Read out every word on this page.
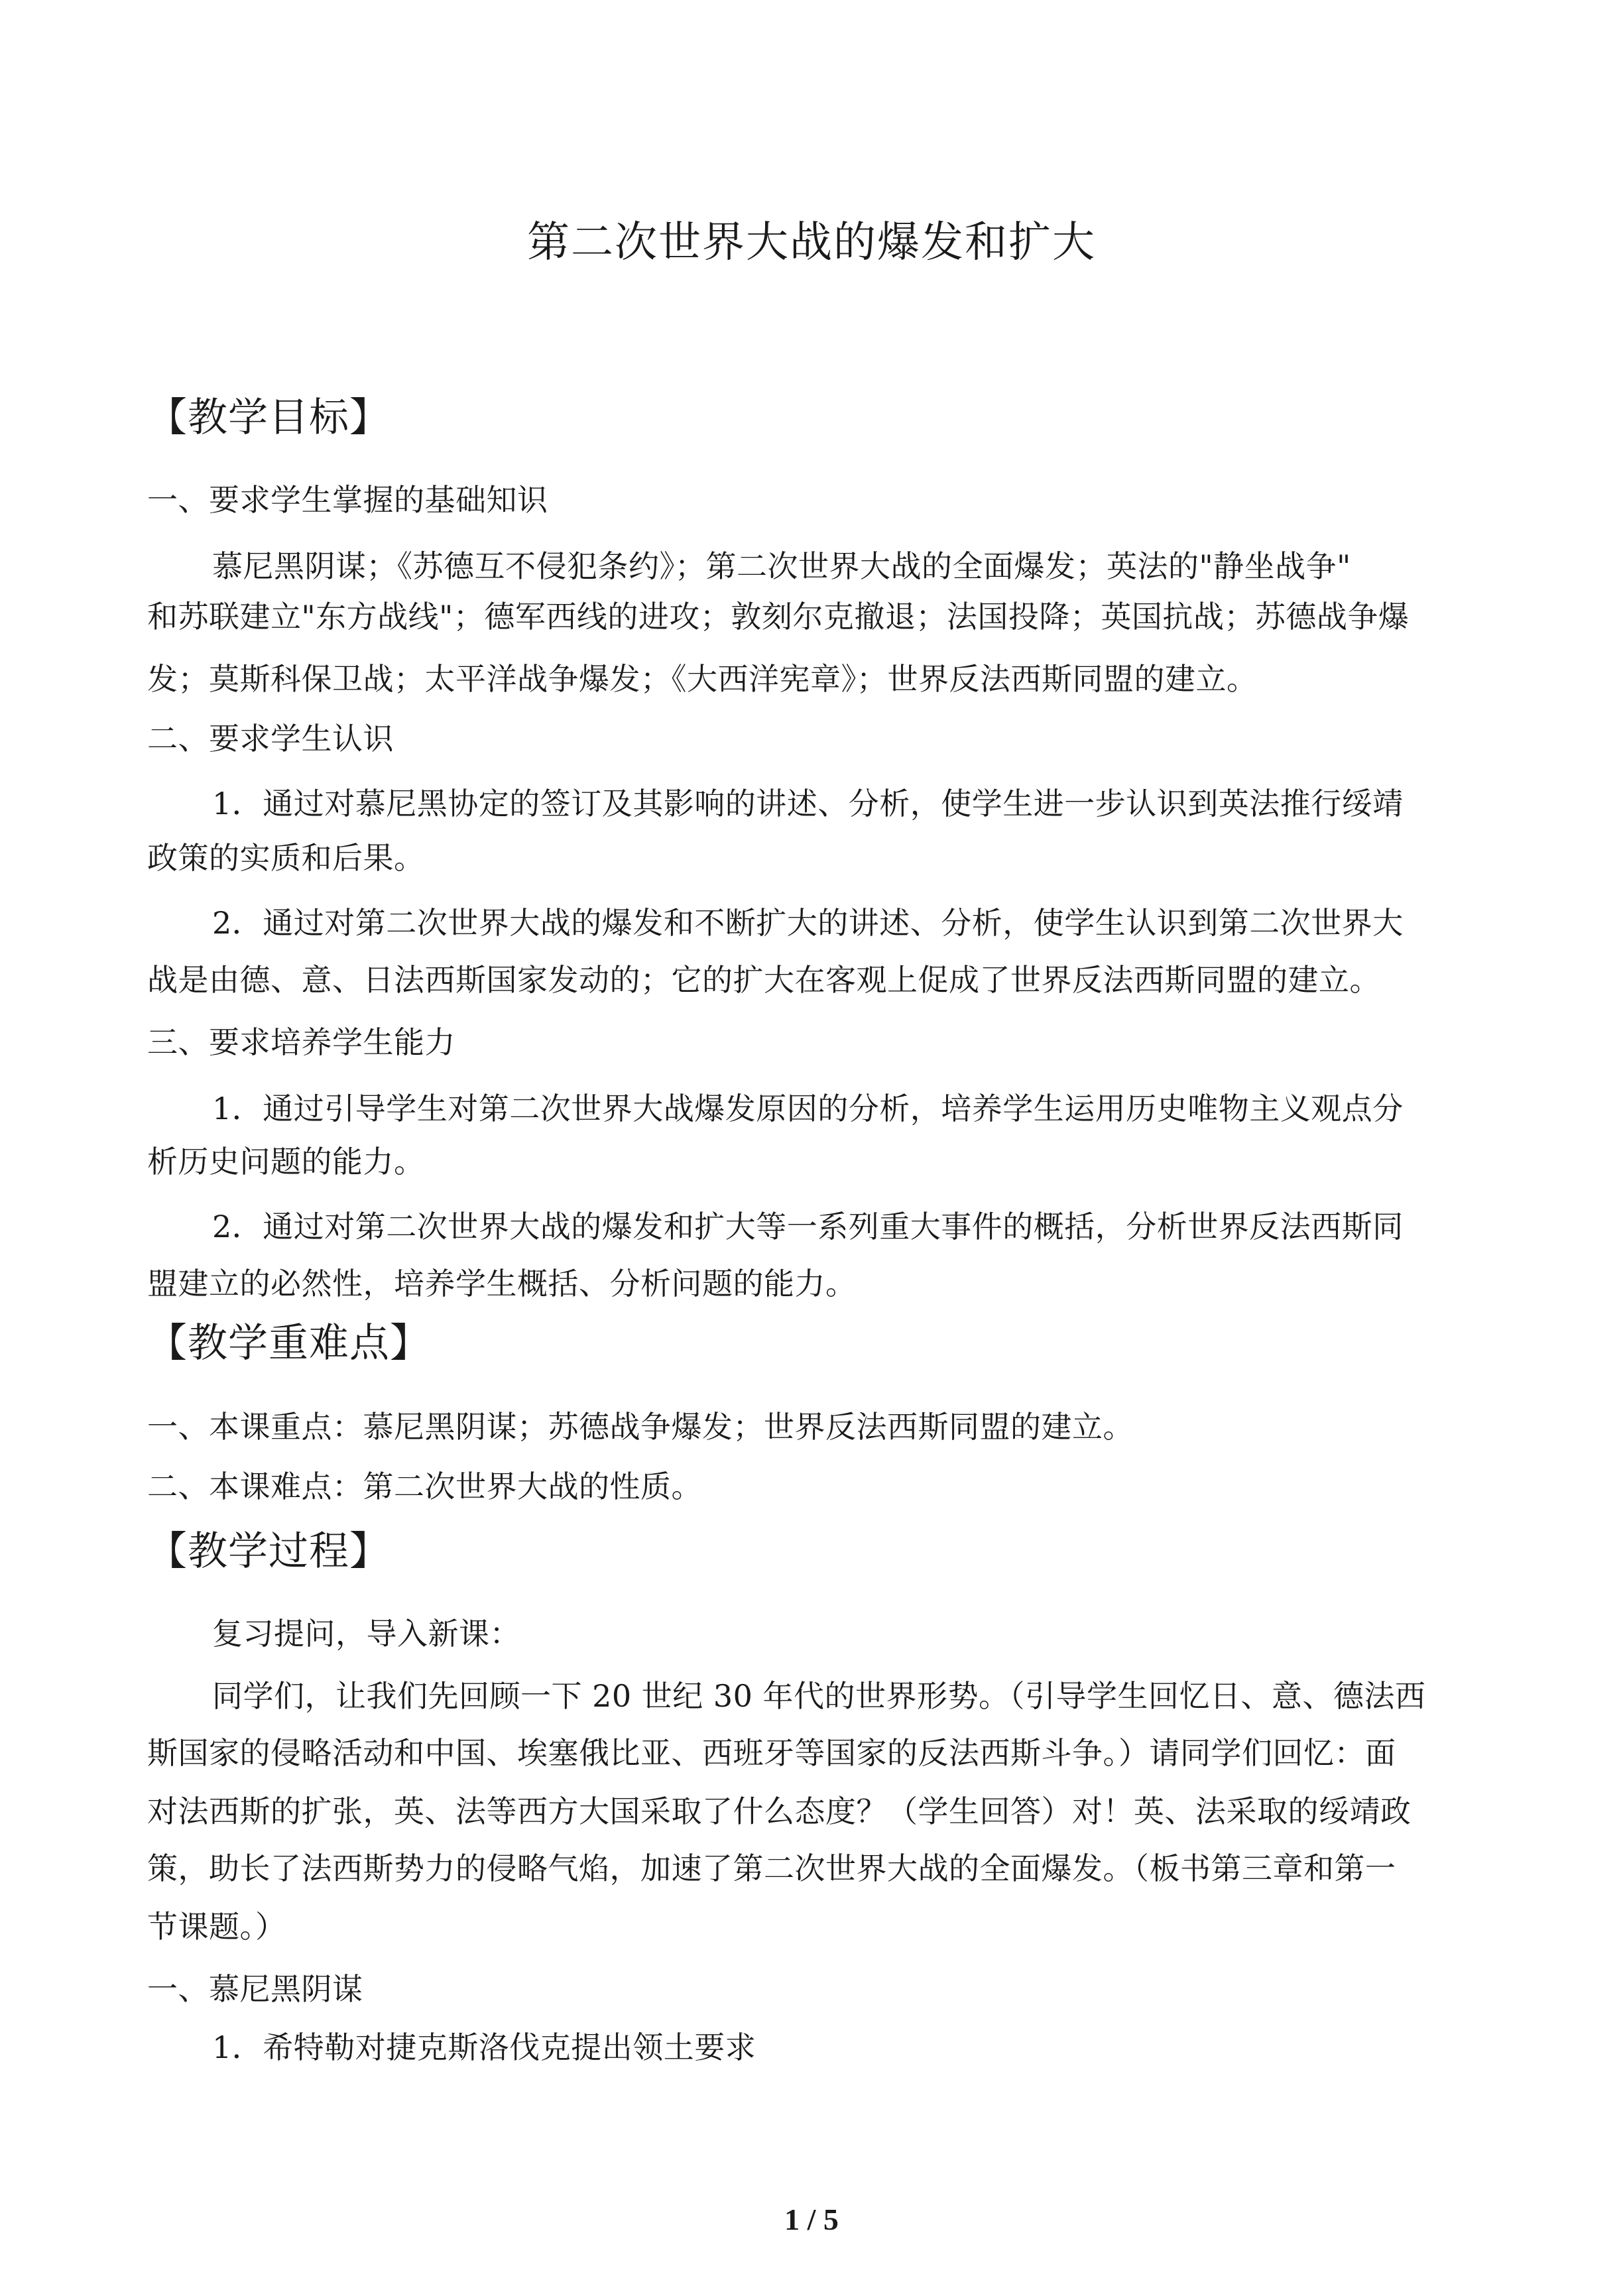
第二次世界大战的爆发和扩大
【教学目标】
一、要求学生掌握的基础知识
慕尼黑阴谋；《苏德互不侵犯条约》；第二次世界大战的全面爆发；英法的"静坐战争"
和苏联建立"东方战线"；德军西线的进攻；敦刻尔克撤退；法国投降；英国抗战；苏德战争爆
发；莫斯科保卫战；太平洋战争爆发；《大西洋宪章》；世界反法西斯同盟的建立。
二、要求学生认识
1．通过对慕尼黑协定的签订及其影响的讲述、分析，使学生进一步认识到英法推行绥靖
政策的实质和后果。
2．通过对第二次世界大战的爆发和不断扩大的讲述、分析，使学生认识到第二次世界大
战是由德、意、日法西斯国家发动的；它的扩大在客观上促成了世界反法西斯同盟的建立。
三、要求培养学生能力
1．通过引导学生对第二次世界大战爆发原因的分析，培养学生运用历史唯物主义观点分
析历史问题的能力。
2．通过对第二次世界大战的爆发和扩大等一系列重大事件的概括，分析世界反法西斯同
盟建立的必然性，培养学生概括、分析问题的能力。
【教学重难点】
一、本课重点：慕尼黑阴谋；苏德战争爆发；世界反法西斯同盟的建立。
二、本课难点：第二次世界大战的性质。
【教学过程】
复习提问，导入新课：
同学们，让我们先回顾一下 20 世纪 30 年代的世界形势。（引导学生回忆日、意、德法西
斯国家的侵略活动和中国、埃塞俄比亚、西班牙等国家的反法西斯斗争。）请同学们回忆：面
对法西斯的扩张，英、法等西方大国采取了什么态度？（学生回答）对！英、法采取的绥靖政
策，助长了法西斯势力的侵略气焰，加速了第二次世界大战的全面爆发。（板书第三章和第一
节课题。）
一、慕尼黑阴谋
1．希特勒对捷克斯洛伐克提出领土要求
1 / 5
